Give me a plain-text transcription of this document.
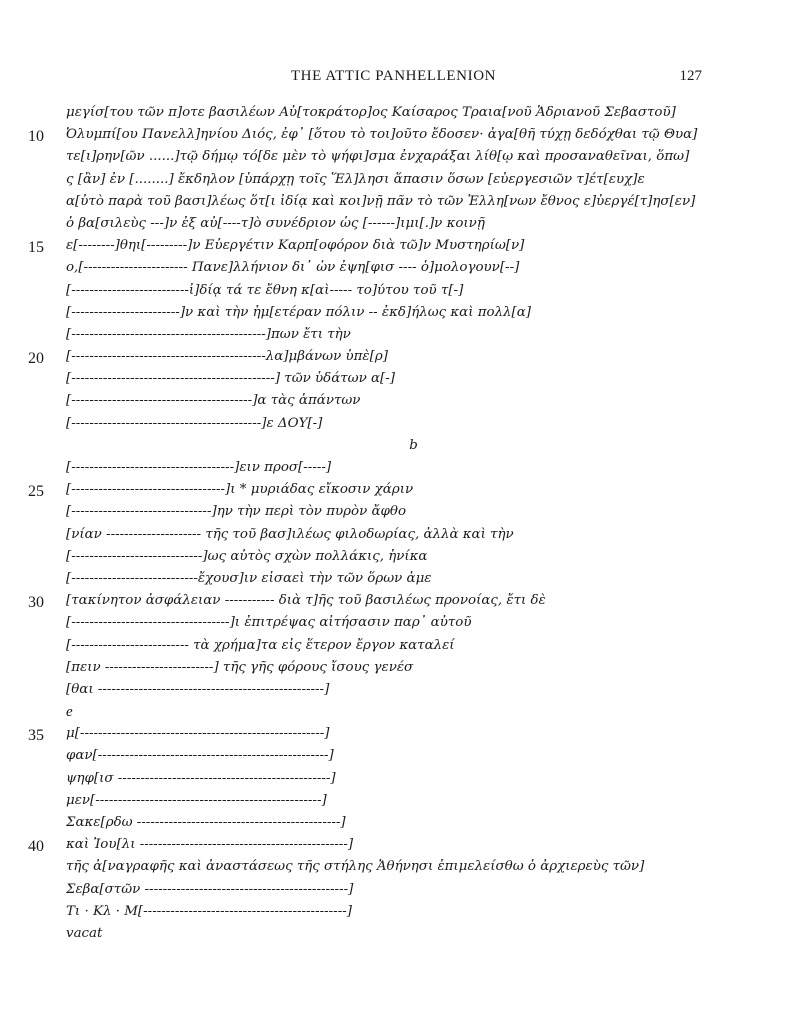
THE ATTIC PANHELLENION	127
μεγίσ[του τῶν π]οτε βασιλέων Αὐ[τοκράτορ]ος Καίσαρος Τραια[νοῦ Ἁδριανοῦ Σεβαστοῦ]
10	Ὀλυμπί[ου Πανελλ]ηνίου Διός, ἐφ᾽ [ὅτου τὸ τοι]οῦτο ἔδοσεν· ἀγα[θῆ τύχῃ δεδόχθαι τῷ Θυα]
τε[ι]ρην[ῶν ......]τῷ δήμῳ τό[δε μὲν τὸ ψήφι]σμα ἐνχαράξαι λίθ[ῳ καὶ προσαναθεῖναι, ὅπω]
ς [ἂν] ἐν [........] ἔκδηλον [ὑπάρχῃ τοῖς Ἕλ]λησι ἅπασιν ὅσων [εὐεργεσιῶν τ]έτ[ευχ]ε
α[ὐτὸ παρὰ τοῦ βασι]λέως ὅτ[ι ἰδίᾳ καὶ κοι]νῇ πᾶν τὸ τῶν Ἑλλη[νων ἔθνος ε]ὐεργέ[τ]ησ[εν]
ὁ βα[σιλεὺς ---]ν ἐξ αὐ[----τ]ὸ συνέδριον ὡς [------]ιμι[.]ν κοινῇ
15	ε[--------]θηι[---------]ν Εὐεργέτιν Καρπ[οφόρον διὰ τῶ]ν Μυστηρίω[ν]
ο,[----------------------- Πανε]λλήνιον δι᾽ ὧν ἐψη[φισ ---- ὁ]μολογουν[--]
[--------------------------ἰ]δίᾳ τά τε ἔθνη κ[αὶ----- το]ύτου τοῦ τ[-]
[------------------------]ν καὶ τὴν ἡμ[ετέραν πόλιν -- ἐκδ]ήλως καὶ πολλ[α]
[-------------------------------------------]πων ἔτι τὴν
20	[-------------------------------------------λα]μβάνων ὑπὲ[ρ]
[---------------------------------------------] τῶν ὑδάτων α[-]
[----------------------------------------]α τὰς ἁπάντων
[------------------------------------------]ε ΔΟΥ[-]
b
[------------------------------------]ειν προσ[-----]
25	[----------------------------------]ι * μυριάδας εἴκοσιν χάριν
[-------------------------------]ην τὴν περὶ τὸν πυρὸν ἄφθο
[νίαν --------------------- τῆς τοῦ βασ]ιλέως φιλοδωρίας, ἀλλὰ καὶ τὴν
[-----------------------------]ως αὐτὸς σχὼν πολλάκις, ἡνίκα
[----------------------------ἔχουσ]ιν εἰσαεὶ τὴν τῶν ὅρων ἀμε
30	[τακίνητον ἀσφάλειαν ----------- διὰ τ]ῆς τοῦ βασιλέως προνοίας, ἔτι δὲ
[-----------------------------------]ι ἐπιτρέψας αἰτήσασιν παρ᾽ αὐτοῦ
[-------------------------- τὰ χρήμα]τα εἰς ἕτερον ἔργον καταλεί
[πειν ------------------------] τῆς γῆς φόρους ἴσους γενέσ
[θαι --------------------------------------------------]
e
35	μ[------------------------------------------------------]
φαν[---------------------------------------------------]
ψηφ[ισ -----------------------------------------------]
μεν[--------------------------------------------------]
Σακε[ρδω ---------------------------------------------]
40	καὶ Ἰου[λι ----------------------------------------------]
τῆς ἀ[ναγραφῆς καὶ ἀναστάσεως τῆς στήλης Ἀθήνησι ἐπιμελείσθω ὁ ἀρχιερεὺς τῶν]
Σεβα[στῶν ---------------------------------------------]
Τι · Κλ · Μ[---------------------------------------------]
vacat
